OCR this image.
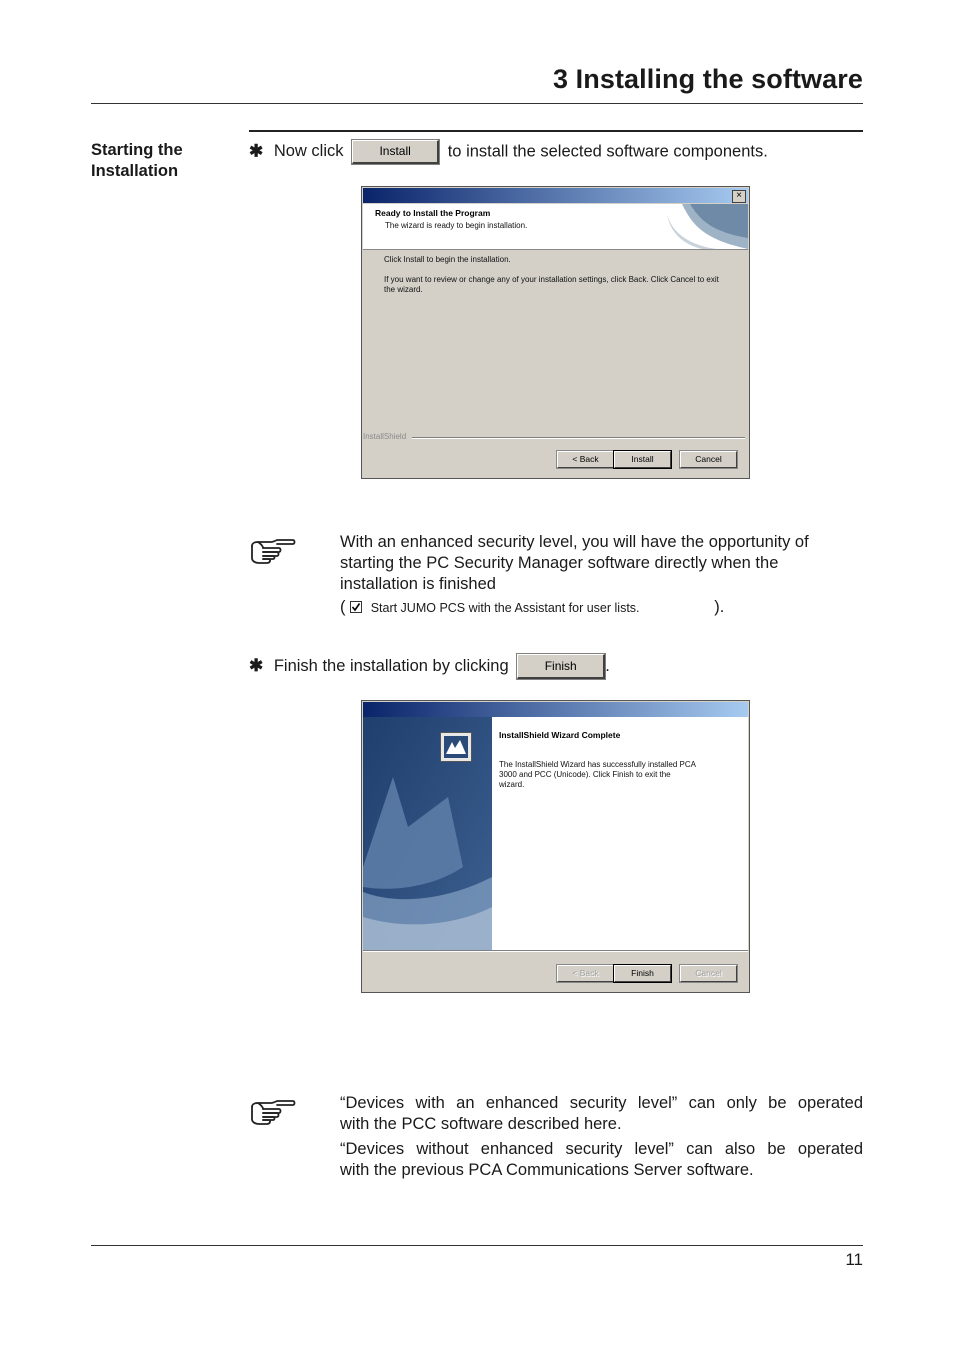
3 Installing the software
Starting the
Installation
✱ Now click	Install to install the selected software components.
×
Ready to Install the Program
The wizard is ready to begin installation.
Click Install to begin the installation.
If you want to review or change any of your installation settings, click Back. Click Cancel to exit
the wizard.
InstallShield
< Back	Install	Cancel
With an enhanced security level, you will have the opportunity of
starting the PC Security Manager software directly when the
installation is finished
( Start JUMO PCS with the Assistant for user lists.	).
✱ Finish the installation by clicking	Finish .
InstallShield Wizard Complete
The InstallShield Wizard has successfully installed PCA
3000 and PCC (Unicode). Click Finish to exit the
wizard.
< Back	Finish	Cancel
“Devices with an enhanced security level” can only be operated
with the PCC software described here.
“Devices without enhanced security level” can also be operated
with the previous PCA Communications Server software.
11
